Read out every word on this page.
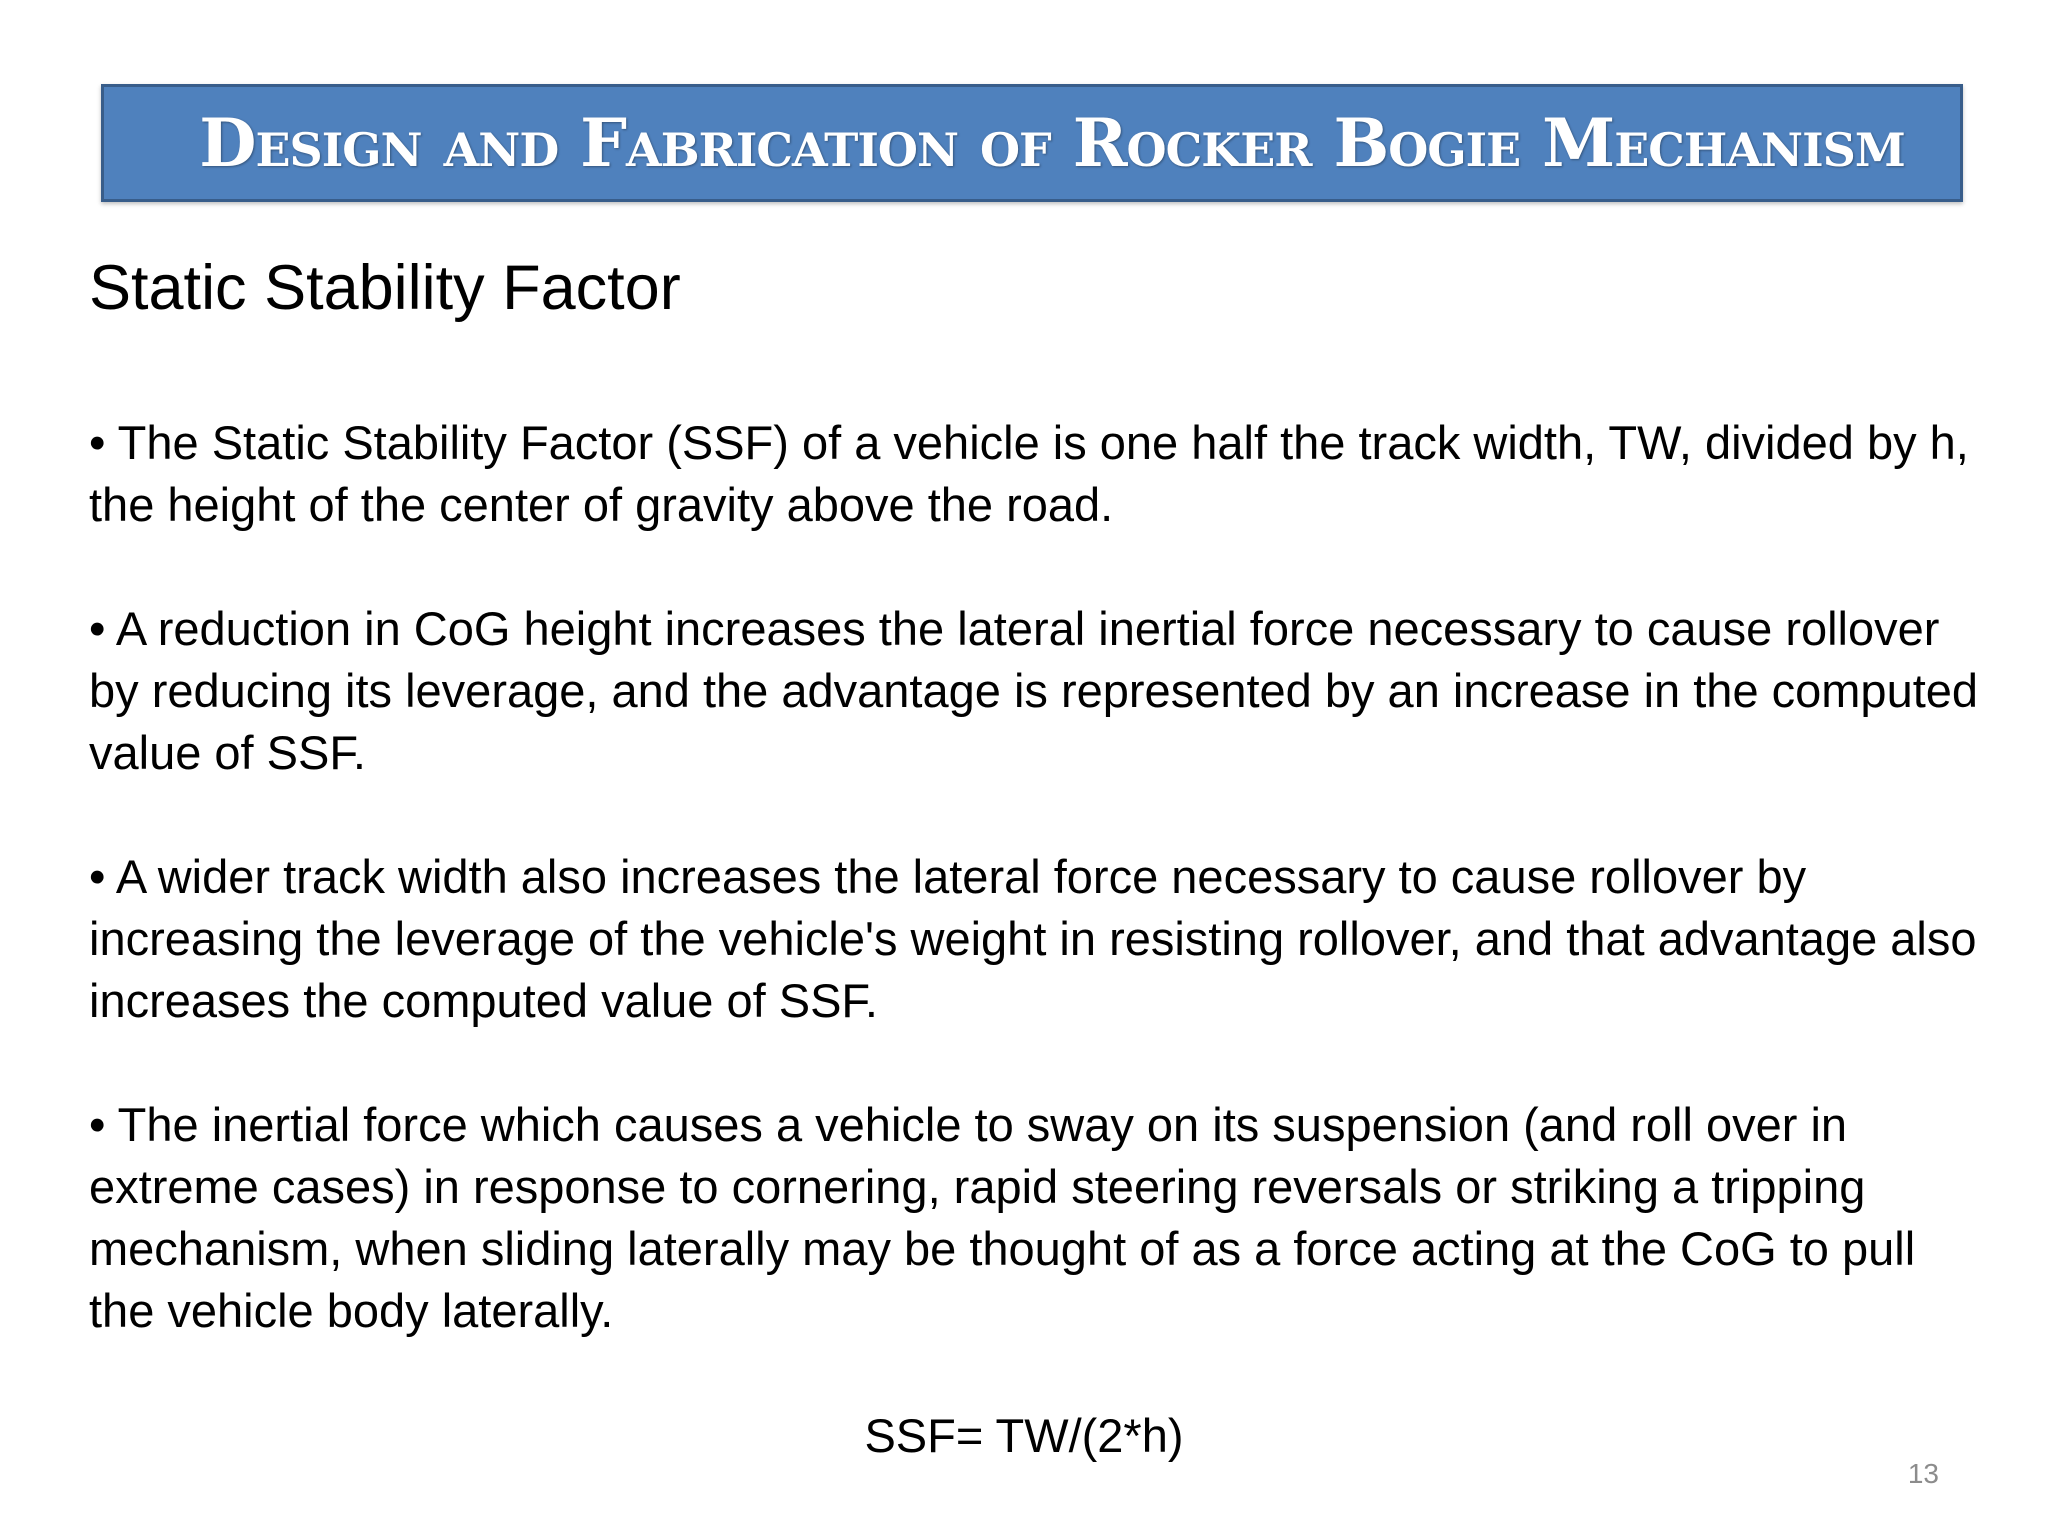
Design and Fabrication of Rocker Bogie Mechanism
Static Stability Factor
• The Static Stability Factor (SSF) of a vehicle is one half the track width, TW, divided by h, the height of the center of gravity above the road.
• A reduction in CoG height increases the lateral inertial force necessary to cause rollover by reducing its leverage, and the advantage is represented by an increase in the computed value of SSF.
• A wider track width also increases the lateral force necessary to cause rollover by increasing the leverage of the vehicle's weight in resisting rollover, and that advantage also increases the computed value of SSF.
• The inertial force which causes a vehicle to sway on its suspension (and roll over in extreme cases) in response to cornering, rapid steering reversals or striking a tripping mechanism, when sliding laterally may be thought of as a force acting at the CoG to pull the vehicle body laterally.
SSF= TW/(2*h)
13
